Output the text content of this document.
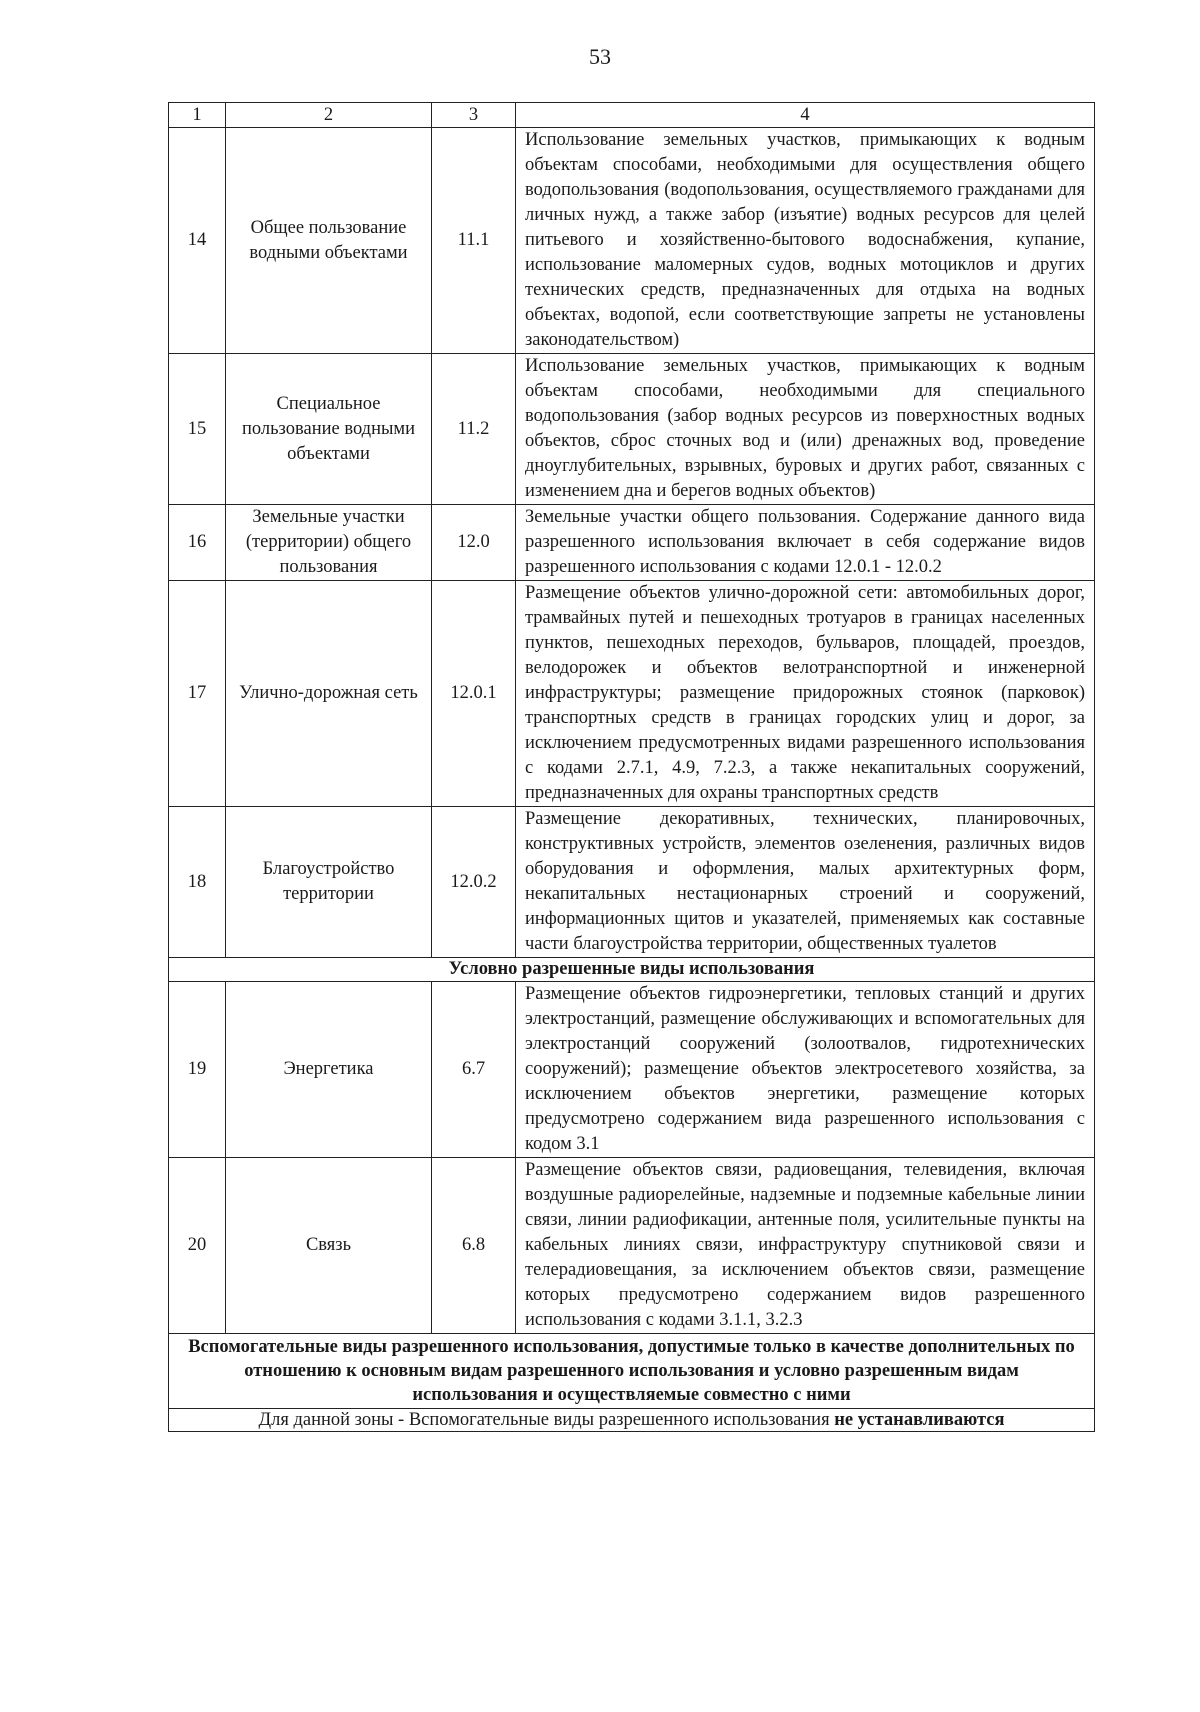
53
1	2	3	4
14	Общее пользование водными объектами	11.1	Использование земельных участков, примыкающих к водным объектам способами, необходимыми для осуществления общего водопользования (водопользования, осуществляемого гражданами для личных нужд, а также забор (изъятие) водных ресурсов для целей питьевого и хозяйственно-бытового водоснабжения, купание, использование маломерных судов, водных мотоциклов и других технических средств, предназначенных для отдыха на водных объектах, водопой, если соответствующие запреты не установлены законодательством)
15	Специальное пользование водными объектами	11.2	Использование земельных участков, примыкающих к водным объектам способами, необходимыми для специального водопользования (забор водных ресурсов из поверхностных водных объектов, сброс сточных вод и (или) дренажных вод, проведение дноуглубительных, взрывных, буровых и других работ, связанных с изменением дна и берегов водных объектов)
16	Земельные участки (территории) общего пользования	12.0	Земельные участки общего пользования. Содержание данного вида разрешенного использования включает в себя содержание видов разрешенного использования с кодами 12.0.1 - 12.0.2
17	Улично-дорожная сеть	12.0.1	Размещение объектов улично-дорожной сети: автомобильных дорог, трамвайных путей и пешеходных тротуаров в границах населенных пунктов, пешеходных переходов, бульваров, площадей, проездов, велодорожек и объектов велотранспортной и инженерной инфраструктуры; размещение придорожных стоянок (парковок) транспортных средств в границах городских улиц и дорог, за исключением предусмотренных видами разрешенного использования с кодами 2.7.1, 4.9, 7.2.3, а также некапитальных сооружений, предназначенных для охраны транспортных средств
18	Благоустройство территории	12.0.2	Размещение декоративных, технических, планировочных, конструктивных устройств, элементов озеленения, различных видов оборудования и оформления, малых архитектурных форм, некапитальных нестационарных строений и сооружений, информационных щитов и указателей, применяемых как составные части благоустройства территории, общественных туалетов
Условно разрешенные виды использования			
19	Энергетика	6.7	Размещение объектов гидроэнергетики, тепловых станций и других электростанций, размещение обслуживающих и вспомогательных для электростанций сооружений (золоотвалов, гидротехнических сооружений); размещение объектов электросетевого хозяйства, за исключением объектов энергетики, размещение которых предусмотрено содержанием вида разрешенного использования с кодом 3.1
20	Связь	6.8	Размещение объектов связи, радиовещания, телевидения, включая воздушные радиорелейные, надземные и подземные кабельные линии связи, линии радиофикации, антенные поля, усилительные пункты на кабельных линиях связи, инфраструктуру спутниковой связи и телерадиовещания, за исключением объектов связи, размещение которых предусмотрено содержанием видов разрешенного использования с кодами 3.1.1, 3.2.3
Вспомогательные виды разрешенного использования, допустимые только в качестве дополнительных по отношению к основным видам разрешенного использования и условно разрешенным видам использования и осуществляемые совместно с ними			
Для данной зоны - Вспомогательные виды разрешенного использования не устанавливаются			
